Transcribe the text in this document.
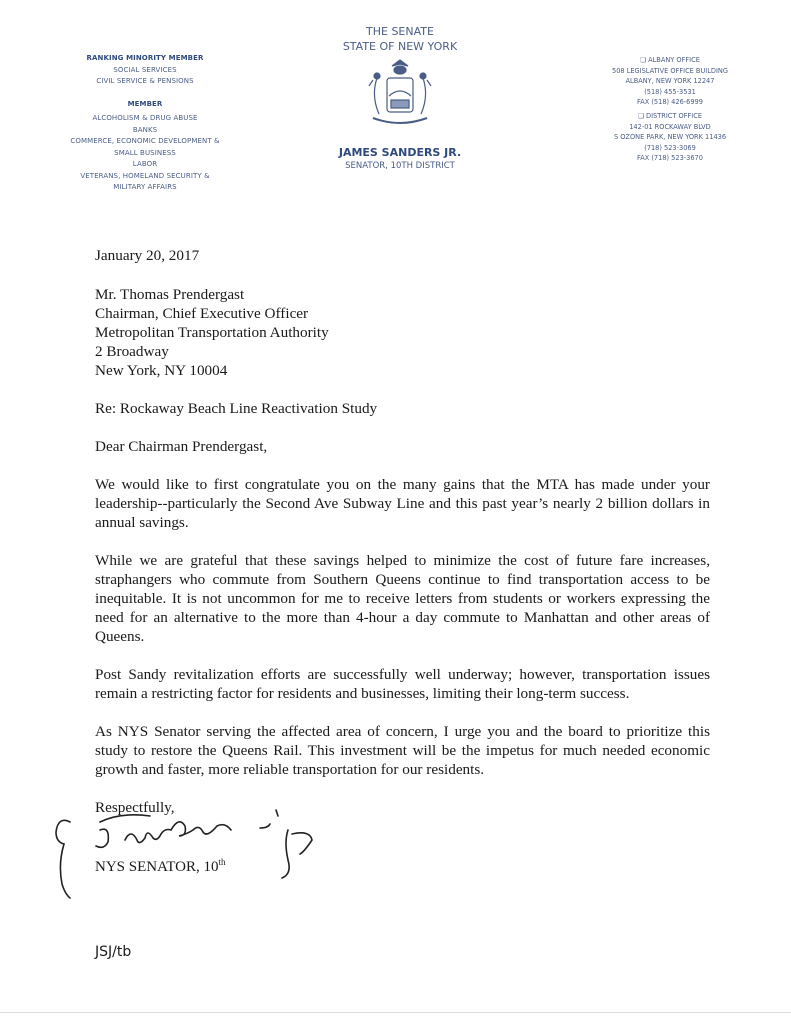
RANKING MINORITY MEMBER
SOCIAL SERVICES
CIVIL SERVICE & PENSIONS
MEMBER
ALCOHOLISM & DRUG ABUSE
BANKS
COMMERCE, ECONOMIC DEVELOPMENT &
SMALL BUSINESS
LABOR
VETERANS, HOMELAND SECURITY &
MILITARY AFFAIRS
THE SENATE
STATE OF NEW YORK
JAMES SANDERS JR.
SENATOR, 10TH DISTRICT
❑ ALBANY OFFICE
508 LEGISLATIVE OFFICE BUILDING
ALBANY, NEW YORK 12247
(518) 455-3531
FAX (518) 426-6999
❑ DISTRICT OFFICE
142-01 ROCKAWAY BLVD
S OZONE PARK, NEW YORK 11436
(718) 523-3069
FAX (718) 523-3670

January 20, 2017

Mr. Thomas Prendergast
Chairman, Chief Executive Officer
Metropolitan Transportation Authority
2 Broadway
New York, NY 10004

Re: Rockaway Beach Line Reactivation Study

Dear Chairman Prendergast,

We would like to first congratulate you on the many gains that the MTA has made under your leadership--particularly the Second Ave Subway Line and this past year’s nearly 2 billion dollars in annual savings.

While we are grateful that these savings helped to minimize the cost of future fare increases, straphangers who commute from Southern Queens continue to find transportation access to be inequitable. It is not uncommon for me to receive letters from students or workers expressing the need for an alternative to the more than 4-hour a day commute to Manhattan and other areas of Queens.

Post Sandy revitalization efforts are successfully well underway; however, transportation issues remain a restricting factor for residents and businesses, limiting their long-term success.

As NYS Senator serving the affected area of concern, I urge you and the board to prioritize this study to restore the Queens Rail. This investment will be the impetus for much needed economic growth and faster, more reliable transportation for our residents.

Respectfully,

NYS SENATOR, 10th
JSJ/tb
